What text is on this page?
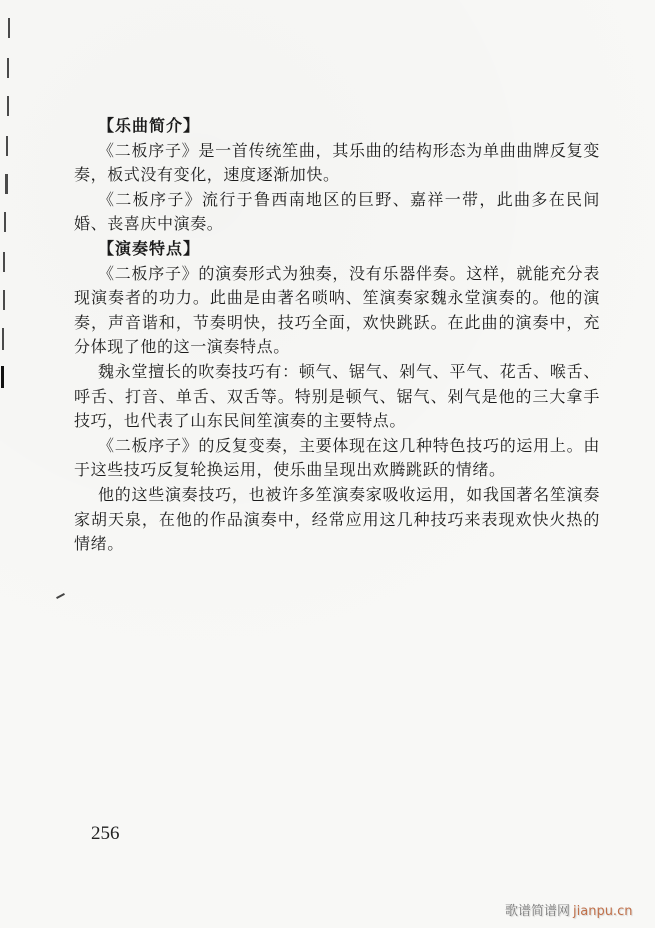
【乐曲简介】

《二板序子》是一首传统笙曲，其乐曲的结构形态为单曲曲牌反复变奏，板式没有变化，速度逐渐加快。

《二板序子》流行于鲁西南地区的巨野、嘉祥一带，此曲多在民间婚、丧喜庆中演奏。

【演奏特点】

《二板序子》的演奏形式为独奏，没有乐器伴奏。这样，就能充分表现演奏者的功力。此曲是由著名唢呐、笙演奏家魏永堂演奏的。他的演奏，声音谐和，节奏明快，技巧全面，欢快跳跃。在此曲的演奏中，充分体现了他的这一演奏特点。

魏永堂擅长的吹奏技巧有：顿气、锯气、剁气、平气、花舌、喉舌、呼舌、打音、单舌、双舌等。特别是顿气、锯气、剁气是他的三大拿手技巧，也代表了山东民间笙演奏的主要特点。

《二板序子》的反复变奏，主要体现在这几种特色技巧的运用上。由于这些技巧反复轮换运用，使乐曲呈现出欢腾跳跃的情绪。

他的这些演奏技巧，也被许多笙演奏家吸收运用，如我国著名笙演奏家胡天泉，在他的作品演奏中，经常应用这几种技巧来表现欢快火热的情绪。

256
歌谱简谱网 jianpu.cn
